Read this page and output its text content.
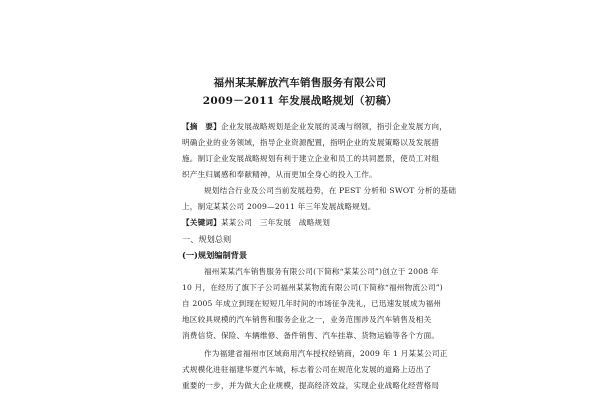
福州某某解放汽车销售服务有限公司
2009－2011 年发展战略规划（初稿）
【摘　要】企业发展战略规划是企业发展的灵魂与纲领，指引企业发展方向，
明确企业的业务领域，指导企业资源配置，指明企业的发展策略以及发展措
施。制订企业发展战略规划有利于建立企业和员工的共同愿景，使员工对组
织产生归属感和奉献精神，从而更加全身心的投入工作。
规划结合行业及公司当前发展趋势，在 PEST 分析和 SWOT 分析的基础
上，制定某某公司 2009—2011 年三年发展战略规划。
【关键词】某某公司　三年发展　战略规划
一、规划总则
(一)规划编制背景
福州某某汽车销售服务有限公司(下简称“某某公司”)创立于 2008 年
10 月，在经历了旗下子公司福州某某物流有限公司(下简称“福州物流公司”)
自 2005 年成立到现在短短几年时间的市场征争洗礼，已迅速发展成为福州
地区较具规模的汽车销售和服务企业之一，业务范围涉及汽车销售及相关
消费信贷、保险、车辆维修、备件销售、汽车挂靠、货物运输等各个方面。
作为福建省福州市区域商用汽车授权经销商，2009 年 1 月某某公司正
式规模化进驻福建华夏汽车城，标志着公司在规范化发展的道路上迈出了
重要的一步，并为做大企业规模，提高经济效益，实现企业战略化经营格局
